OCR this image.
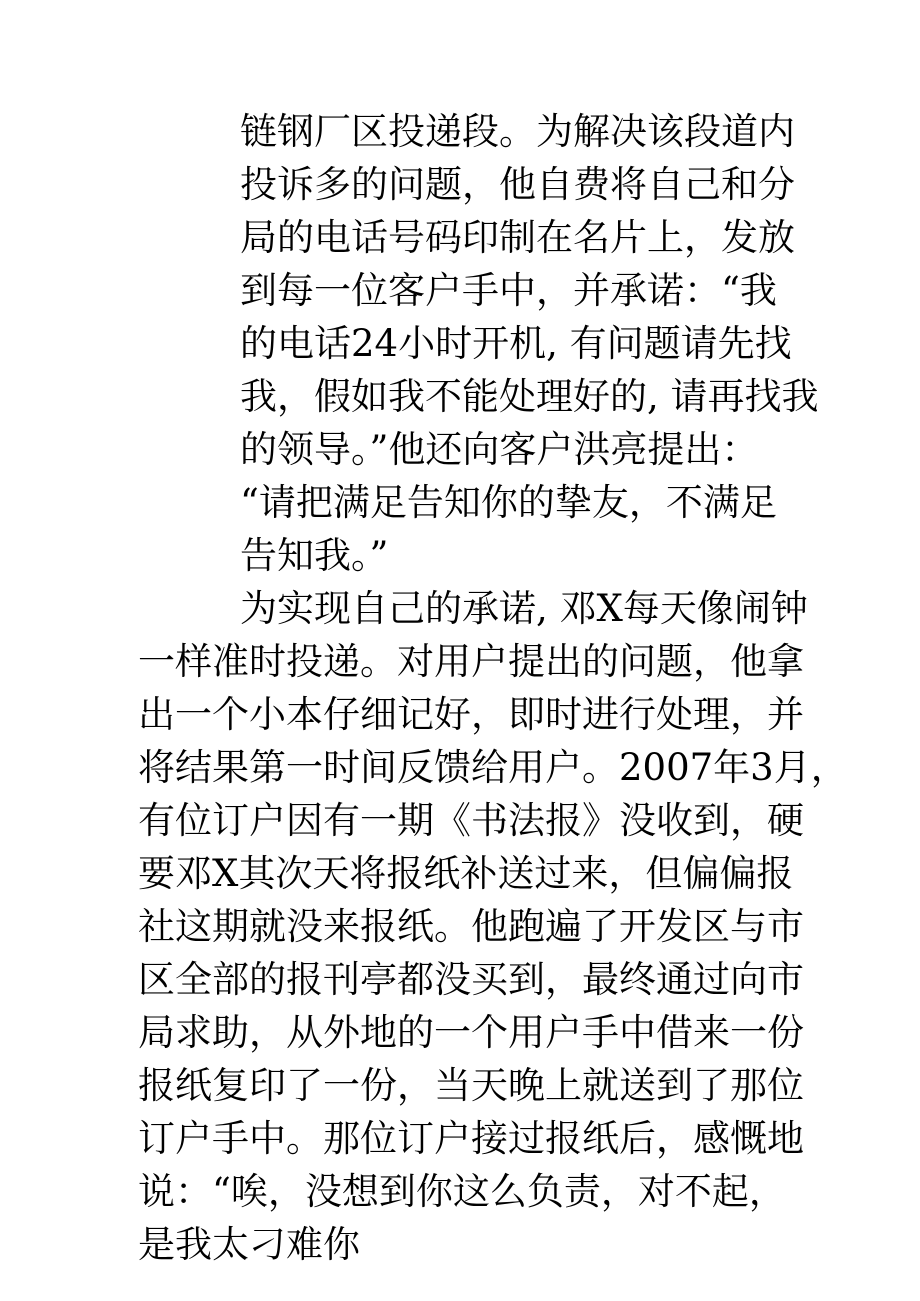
链钢厂区投递段。为解决该段道内
投诉多的问题，他自费将自己和分
局的电话号码印制在名片上，发放
到每一位客户手中，并承诺：“我
的电话24小时开机, 有问题请先找
我，假如我不能处理好的, 请再找我
的领导。”他还向客户洪亮提出：
“请把满足告知你的挚友，不满足
告知我。”
为实现自己的承诺, 邓X每天像闹钟
一样准时投递。对用户提出的问题，他拿
出一个小本仔细记好，即时进行处理，并
将结果第一时间反馈给用户。2007年3月，
有位订户因有一期《书法报》没收到，硬
要邓X其次天将报纸补送过来，但偏偏报
社这期就没来报纸。他跑遍了开发区与市
区全部的报刊亭都没买到，最终通过向市
局求助，从外地的一个用户手中借来一份
报纸复印了一份，当天晚上就送到了那位
订户手中。那位订户接过报纸后，感慨地
说：“唉，没想到你这么负责，对不起，
是我太刁难你
